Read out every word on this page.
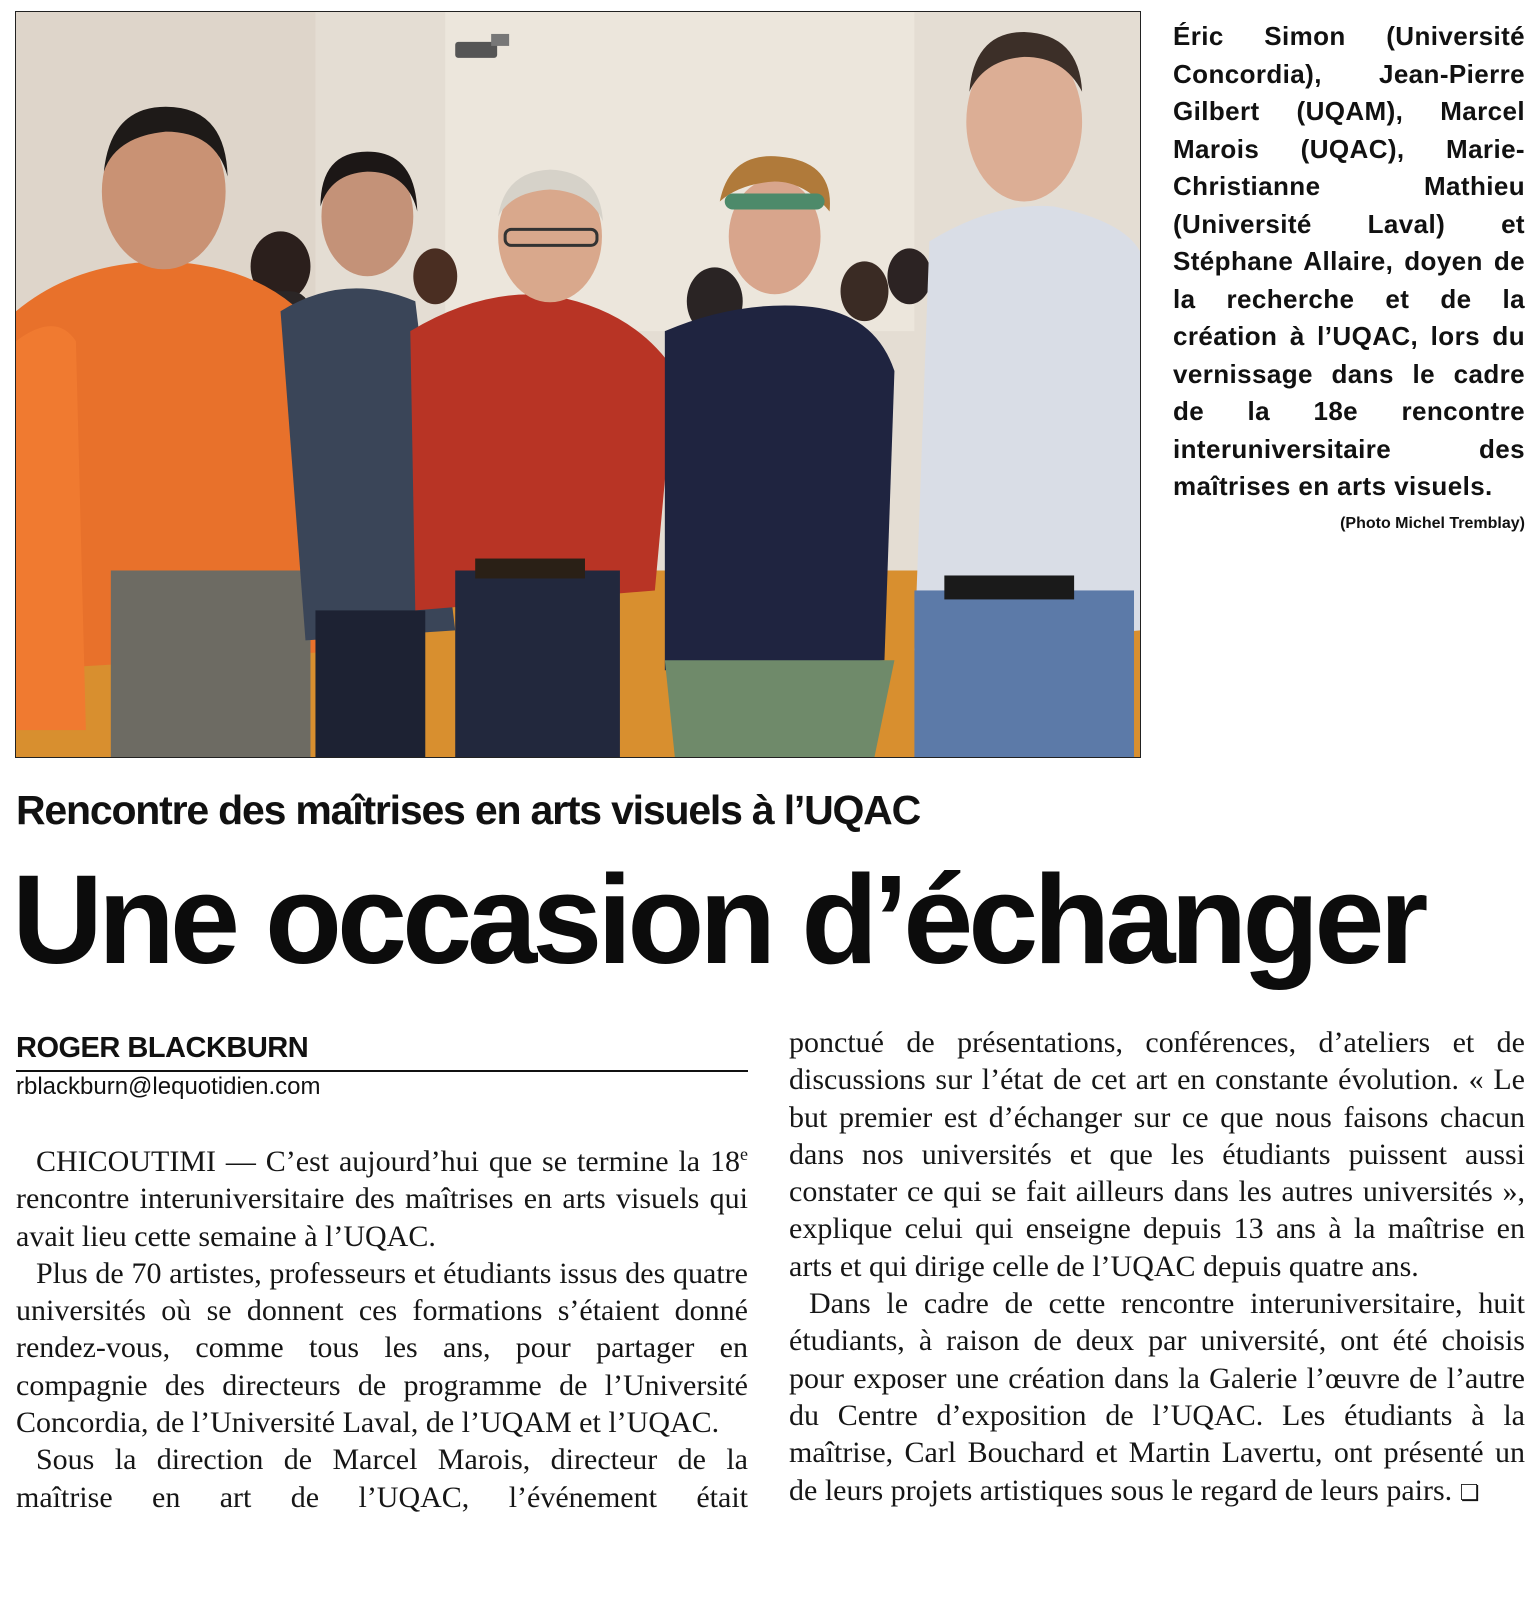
Éric Simon (Université Concordia), Jean-Pierre Gilbert (UQAM), Marcel Marois (UQAC), Marie-Christianne Mathieu (Université Laval) et Stéphane Allaire, doyen de la recherche et de la création à l’UQAC, lors du vernissage dans le cadre de la 18e rencontre interuniversitaire des maîtrises en arts visuels.
(Photo Michel Tremblay)
Rencontre des maîtrises en arts visuels à l’UQAC
Une occasion d’échanger
ROGER BLACKBURN
rblackburn@lequotidien.com

CHICOUTIMI — C’est aujourd’hui que se termine la 18e rencontre interuniversitaire des maîtrises en arts visuels qui avait lieu cette semaine à l’UQAC.

Plus de 70 artistes, professeurs et étudiants issus des quatre universités où se donnent ces formations s’étaient donné rendez-vous, comme tous les ans, pour partager en compagnie des directeurs de programme de l’Université Concordia, de l’Université Laval, de l’UQAM et l’UQAC.

Sous la direction de Marcel Marois, directeur de la maîtrise en art de l’UQAC, l’événement était

ponctué de présentations, conférences, d’ateliers et de discussions sur l’état de cet art en constante évolution. « Le but premier est d’échanger sur ce que nous faisons chacun dans nos universités et que les étudiants puissent aussi constater ce qui se fait ailleurs dans les autres universités », explique celui qui enseigne depuis 13 ans à la maîtrise en arts et qui dirige celle de l’UQAC depuis quatre ans.

Dans le cadre de cette rencontre interuniversitaire, huit étudiants, à raison de deux par université, ont été choisis pour exposer une création dans la Galerie l’œuvre de l’autre du Centre d’exposition de l’UQAC. Les étudiants à la maîtrise, Carl Bouchard et Martin Lavertu, ont présenté un de leurs projets artistiques sous le regard de leurs pairs. ❏
